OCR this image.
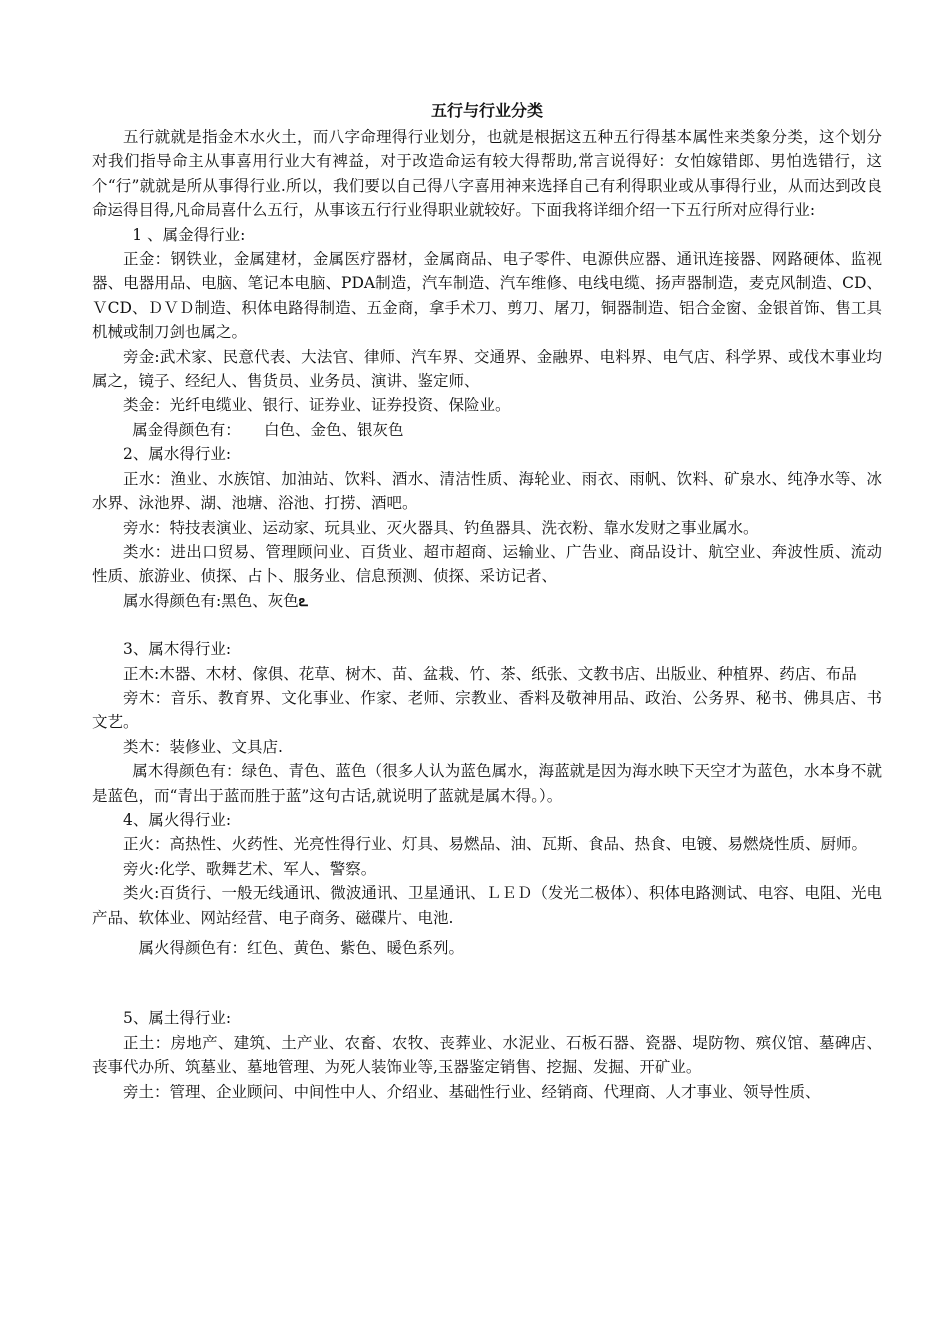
五行与行业分类

五行就就是指金木水火土，而八字命理得行业划分，也就是根据这五种五行得基本属性来类象分类，这个划分对我们指导命主从事喜用行业大有裨益，对于改造命运有较大得帮助,常言说得好：女怕嫁错郎、男怕选错行，这个“行”就就是所从事得行业.所以，我们要以自己得八字喜用神来选择自己有利得职业或从事得行业，从而达到改良命运得目得,凡命局喜什么五行，从事该五行行业得职业就较好。下面我将详细介绍一下五行所对应得行业:

1 、属金得行业:

正金：钢铁业，金属建材，金属医疗器材，金属商品、电子零件、电源供应器、通讯连接器、网路硬体、监视器、电器用品、电脑、笔记本电脑、PDA制造，汽车制造、汽车维修、电线电缆、扬声器制造，麦克风制造、CD、ＶCD、ＤＶＤ制造、积体电路得制造、五金商，拿手术刀、剪刀、屠刀，铜器制造、铝合金窗、金银首饰、售工具机械或制刀剑也属之。

旁金:武术家、民意代表、大法官、律师、汽车界、交通界、金融界、电料界、电气店、科学界、或伐木事业均属之，镜子、经纪人、售货员、业务员、演讲、鉴定师、

类金：光纤电缆业、银行、证券业、证券投资、保险业。

属金得颜色有：　　白色、金色、银灰色

2、属水得行业:

正水：渔业、水族馆、加油站、饮料、酒水、清洁性质、海轮业、雨衣、雨帆、饮料、矿泉水、纯净水等、冰水界、泳池界、湖、池塘、浴池、打捞、酒吧。

旁水：特技表演业、运动家、玩具业、灭火器具、钓鱼器具、洗衣粉、靠水发财之事业属水。

类水：进出口贸易、管理顾问业、百货业、超市超商、运输业、广告业、商品设计、航空业、奔波性质、流动性质、旅游业、侦探、占卜、服务业、信息预测、侦探、采访记者、

属水得颜色有:黑色、灰色ఽ

3、属木得行业:

正木:木器、木材、傢俱、花草、树木、苗、盆栽、竹、茶、纸张、文教书店、出版业、种植界、药店、布品

旁木：音乐、教育界、文化事业、作家、老师、宗教业、香料及敬神用品、政治、公务界、秘书、佛具店、书文艺。

类木：装修业、文具店.

属木得颜色有：绿色、青色、蓝色（很多人认为蓝色属水，海蓝就是因为海水映下天空才为蓝色，水本身不就是蓝色，而“青出于蓝而胜于蓝”这句古话,就说明了蓝就是属木得。）。

4、属火得行业:

正火：高热性、火药性、光亮性得行业、灯具、易燃品、油、瓦斯、食品、热食、电镀、易燃烧性质、厨师。

旁火:化学、歌舞艺术、军人、警察。

类火:百货行、一般无线通讯、微波通讯、卫星通讯、ＬＥＤ（发光二极体）、积体电路测试、电容、电阻、光电产品、软体业、网站经营、电子商务、磁碟片、电池.

属火得颜色有：红色、黄色、紫色、暖色系列。

5、属土得行业:

正土：房地产、建筑、土产业、农畜、农牧、丧葬业、水泥业、石板石器、瓷器、堤防物、殡仪馆、墓碑店、丧事代办所、筑墓业、墓地管理、为死人装饰业等,玉器鉴定销售、挖掘、发掘、开矿业。

旁土：管理、企业顾问、中间性中人、介绍业、基础性行业、经销商、代理商、人才事业、领导性质、
